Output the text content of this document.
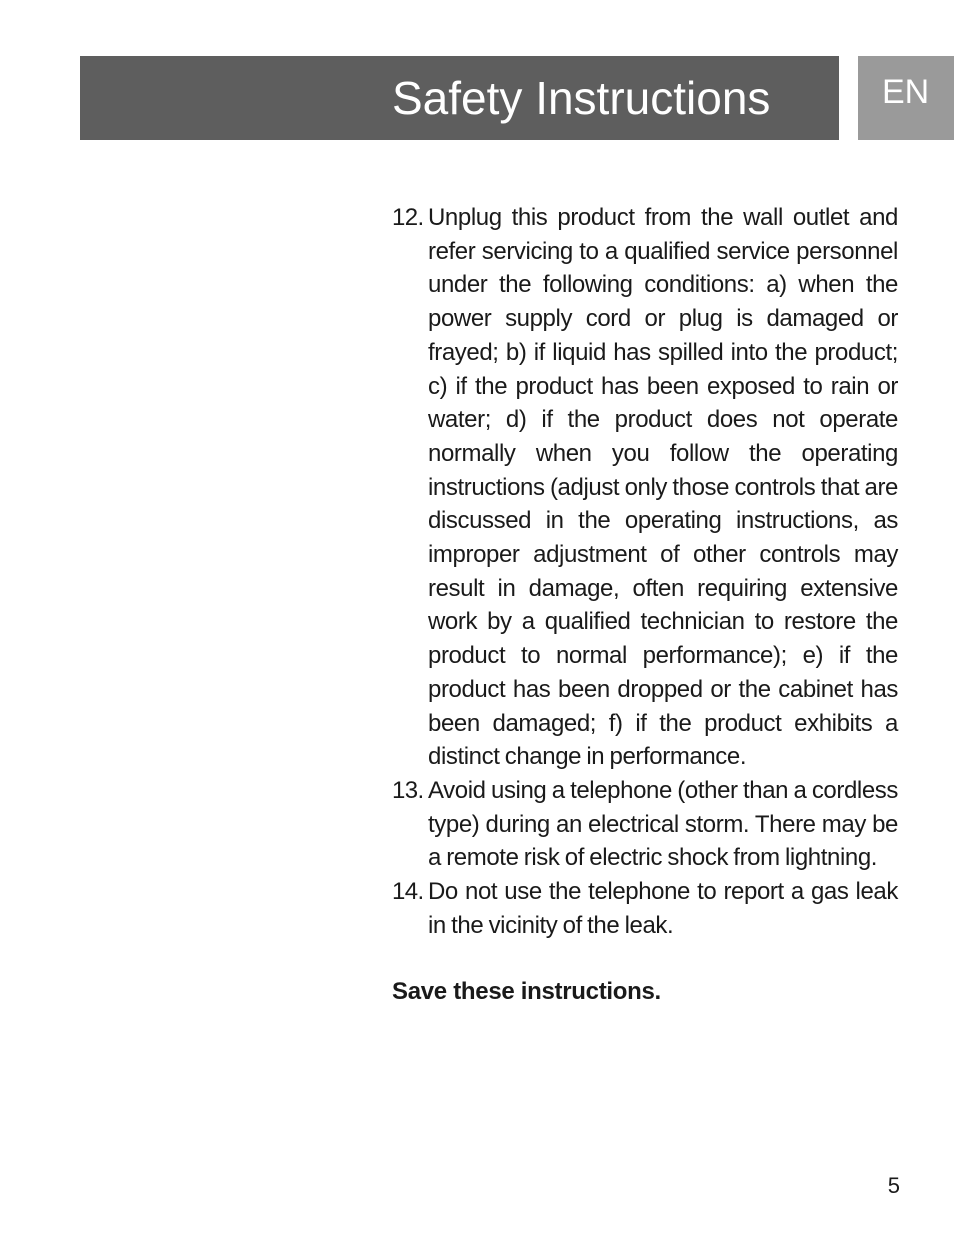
Safety Instructions	EN
12. Unplug this product from the wall outlet and refer servicing to a qualified service personnel under the following conditions: a) when the power supply cord or plug is damaged or frayed; b) if liquid has spilled into the product; c) if the product has been exposed to rain or water; d) if the product does not operate normally when you follow the operating instructions (adjust only those controls that are discussed in the operating instructions, as improper adjustment of other controls may result in damage, often requiring extensive work by a qualified technician to restore the product to normal performance); e) if the product has been dropped or the cabinet has been damaged; f) if the product exhibits a distinct change in performance.
13. Avoid using a telephone (other than a cordless type) during an electrical storm. There may be a remote risk of electric shock from lightning.
14. Do not use the telephone to report a gas leak in the vicinity of the leak.
Save these instructions.
5
